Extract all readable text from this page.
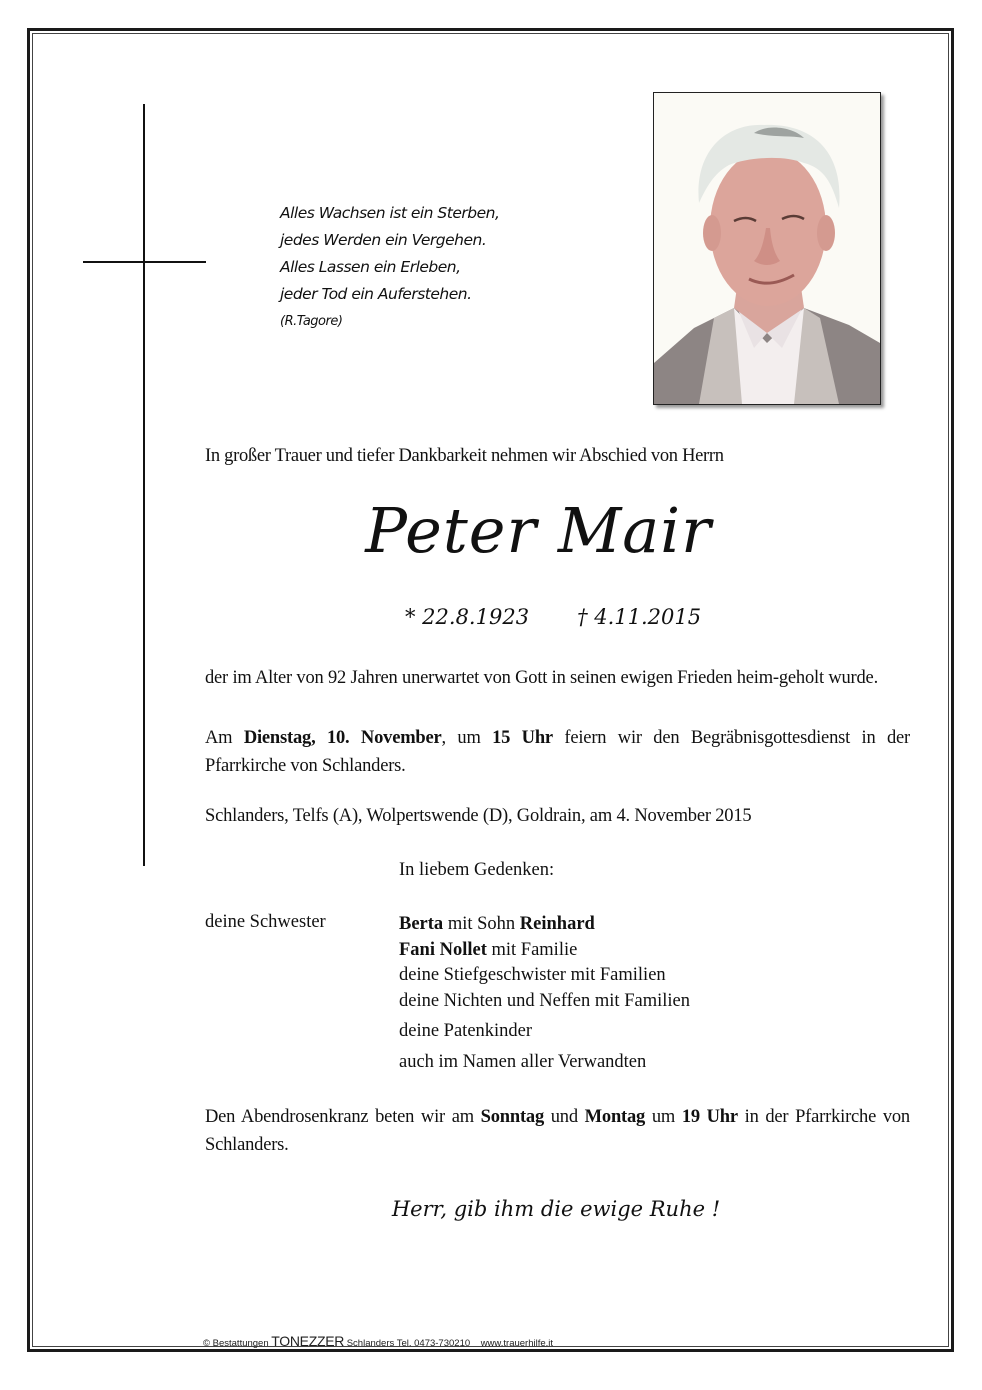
Alles Wachsen ist ein Sterben,
jedes Werden ein Vergehen.
Alles Lassen ein Erleben,
jeder Tod ein Auferstehen.
(R.Tagore)
In großer Trauer und tiefer Dankbarkeit nehmen wir Abschied von Herrn
Peter Mair
* 22.8.1923 † 4.11.2015
der im Alter von 92 Jahren unerwartet von Gott in seinen ewigen Frieden heim-geholt wurde.
Am Dienstag, 10. November, um 15 Uhr feiern wir den Begräbnisgottesdienst in der Pfarrkirche von Schlanders.
Schlanders, Telfs (A), Wolpertswende (D), Goldrain, am 4. November 2015
In liebem Gedenken:
deine Schwester	Berta mit Sohn Reinhard
Fani Nollet mit Familie
deine Stiefgeschwister mit Familien
deine Nichten und Neffen mit Familien
deine Patenkinder
auch im Namen aller Verwandten
Den Abendrosenkranz beten wir am Sonntag und Montag um 19 Uhr in der Pfarrkirche von Schlanders.
Herr, gib ihm die ewige Ruhe !
© Bestattungen TONEZZER Schlanders Tel. 0473-730210    www.trauerhilfe.it
